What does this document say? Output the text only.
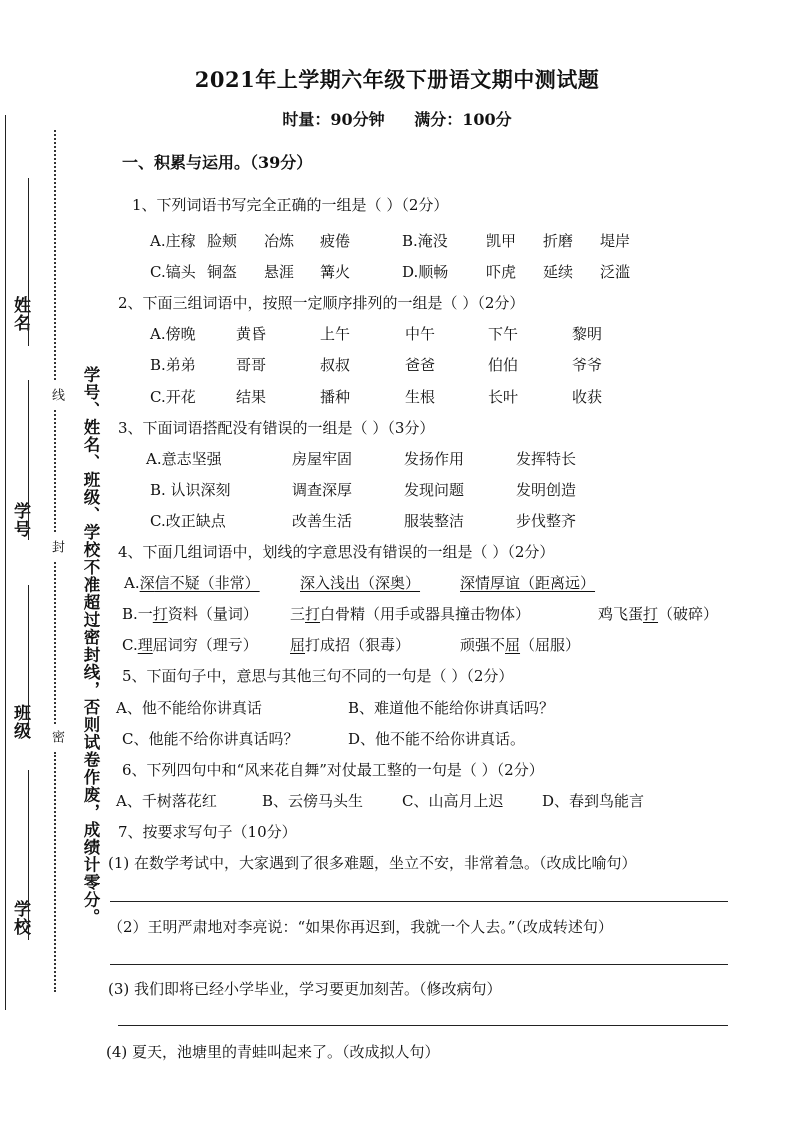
2021年上学期六年级下册语文期中测试题
时量：90分钟 满分：100分
姓名
学号
班级
学校
线
封
密 学号、姓名、班级、学校不准超过密封线，否则试卷作废，成绩计零分。
一、积累与运用。（39分）
1、下列词语书写完全正确的一组是（ ）（2分）
A.庄稼 脸颊 冶炼 疲倦	B.淹没	凯甲 折磨 堤岸
C.镐头 铜盔 悬涯 篝火	D.顺畅	吓虎 延续 泛滥
2、下面三组词语中，按照一定顺序排列的一组是（ ）（2分）
A.傍晚	黄昏	上午	中午	下午	黎明
B.弟弟	哥哥	叔叔	爸爸	伯伯	爷爷
C.开花	结果	播种	生根	长叶	收获
3、下面词语搭配没有错误的一组是（ ）（3分）
A.意志坚强	房屋牢固	发扬作用	发挥特长
B. 认识深刻	调查深厚	发现问题	发明创造
C.改正缺点	改善生活	服装整洁	步伐整齐
4、下面几组词语中，划线的字意思没有错误的一组是（ ）（2分）
A.深信不疑（非常）	深入浅出（深奥）	深情厚谊（距离远）
B.一打资料（量词） 三打白骨精（用手或器具撞击物体）	鸡飞蛋打（破碎）
C.理屈词穷（理亏） 屈打成招（狠毒）	顽强不屈（屈服）
5、下面句子中，意思与其他三句不同的一句是（ ）（2分）
A、他不能给你讲真话	B、难道他不能给你讲真话吗？
C、他能不给你讲真话吗？	D、他不能不给你讲真话。
6、下列四句中和“风来花自舞”对仗最工整的一句是（ ）（2分）
A、千树落花红	B、云傍马头生	C、山高月上迟	D、春到鸟能言
7、按要求写句子（10分）
(1) 在数学考试中，大家遇到了很多难题，坐立不安，非常着急。（改成比喻句）
（2）王明严肃地对李亮说：“如果你再迟到，我就一个人去。”（改成转述句）
(3) 我们即将已经小学毕业，学习要更加刻苦。（修改病句）
(4) 夏天，池塘里的青蛙叫起来了。（改成拟人句）
